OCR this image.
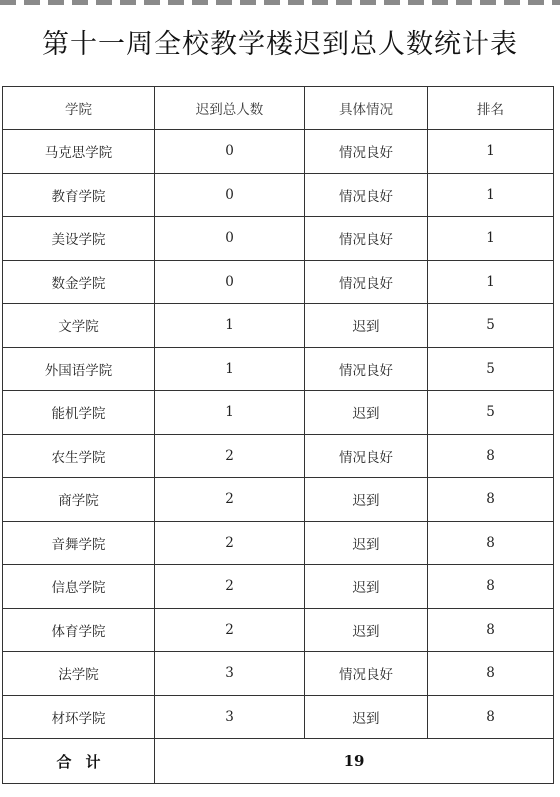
第十一周全校教学楼迟到总人数统计表
学院	迟到总人数	具体情况	排名
马克思学院	0	情况良好	1
教育学院	0	情况良好	1
美设学院	0	情况良好	1
数金学院	0	情况良好	1
文学院	1	迟到	5
外国语学院	1	情况良好	5
能机学院	1	迟到	5
农生学院	2	情况良好	8
商学院	2	迟到	8
音舞学院	2	迟到	8
信息学院	2	迟到	8
体育学院	2	迟到	8
法学院	3	情况良好	8
材环学院	3	迟到	8
合计	19		
